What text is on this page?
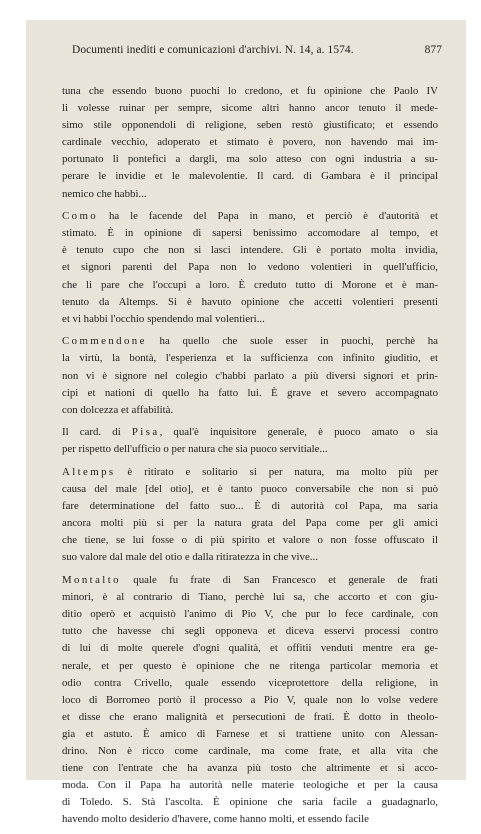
Documenti inediti e comunicazioni d'archivi. N. 14, a. 1574.	877
tuna che essendo buono puochi lo credono, et fu opinione che Paolo IV
li volesse ruinar per sempre, sicome altri hanno ancor tenuto il mede-
simo stile opponendoli di religione, seben restò giustificato; et essendo
cardinale vecchio, adoperato et stimato è povero, non havendo mai im-
portunato li pontefici a dargli, ma solo atteso con ogni industria a su-
perare le invidie et le malevolentie. Il card. di Gambara è il principal
nemico che habbi...
Como ha le facende del Papa in mano, et perciò è d'autorità et
stimato. È in opinione di sapersi benissimo accomodare al tempo, et
è tenuto cupo che non si lasci intendere. Gli è portato molta invidia,
et signori parenti del Papa non lo vedono volentieri in quell'ufficio,
che li pare che l'occupi a loro. È creduto tutto di Morone et è man-
tenuto da Altemps. Si è havuto opinione che accetti volentieri presenti
et vi habbi l'occhio spendendo mal volentieri...
Commendone ha quello che suole esser in puochi, perchè ha
la virtù, la bontà, l'esperienza et la sufficienza con infinito giuditio, et
non vi è signore nel colegio c'habbi parlato a più diversi signori et prin-
cipi et nationi di quello ha fatto lui. È grave et severo accompagnato
con dolcezza et affabilità.
Il card. di Pisa, qual'è inquisitore generale, è puoco amato o sia
per rispetto dell'ufficio o per natura che sia puoco servitiale...
Altemps è ritirato e solitario si per natura, ma molto più per
causa del male [del otio], et è tanto puoco conversabile che non si può
fare determinatione del fatto suo... È di autorità col Papa, ma saria
ancora molti più si per la natura grata del Papa come per gli amici
che tiene, se lui fosse o di più spirito et valore o non fosse offuscato il
suo valore dal male del otio e dalla ritiratezza in che vive...
Montalto quale fu frate di San Francesco et generale de frati
minori, è al contrario di Tiano, perchè lui sa, che accorto et con giu-
ditio operò et acquistò l'animo di Pio V, che pur lo fece cardinale, con
tutto che havesse chi segli opponeva et diceva esservi processi contro
di lui di molte querele d'ogni qualità, et offitii venduti mentre era ge-
nerale, et per questo è opinione che ne ritenga particolar memoria et
odio contra Crivello, quale essendo viceprotettore della religione, in
loco di Borromeo portò il processo a Pio V, quale non lo volse vedere
et disse che erano malignità et persecutioni de frati. È dotto in theolo-
gia et astuto. È amico di Farnese et si trattiene unito con Alessan-
drino. Non è ricco come cardinale, ma come frate, et alla vita che
tiene con l'entrate che ha avanza più tosto che altrimente et si acco-
moda. Con il Papa ha autorità nelle materie teologiche et per la causa
di Toledo. S. Stà l'ascolta. È opinione che saria facile a guadagnarlo,
havendo molto desiderio d'havere, come hanno molti, et essendo facile
